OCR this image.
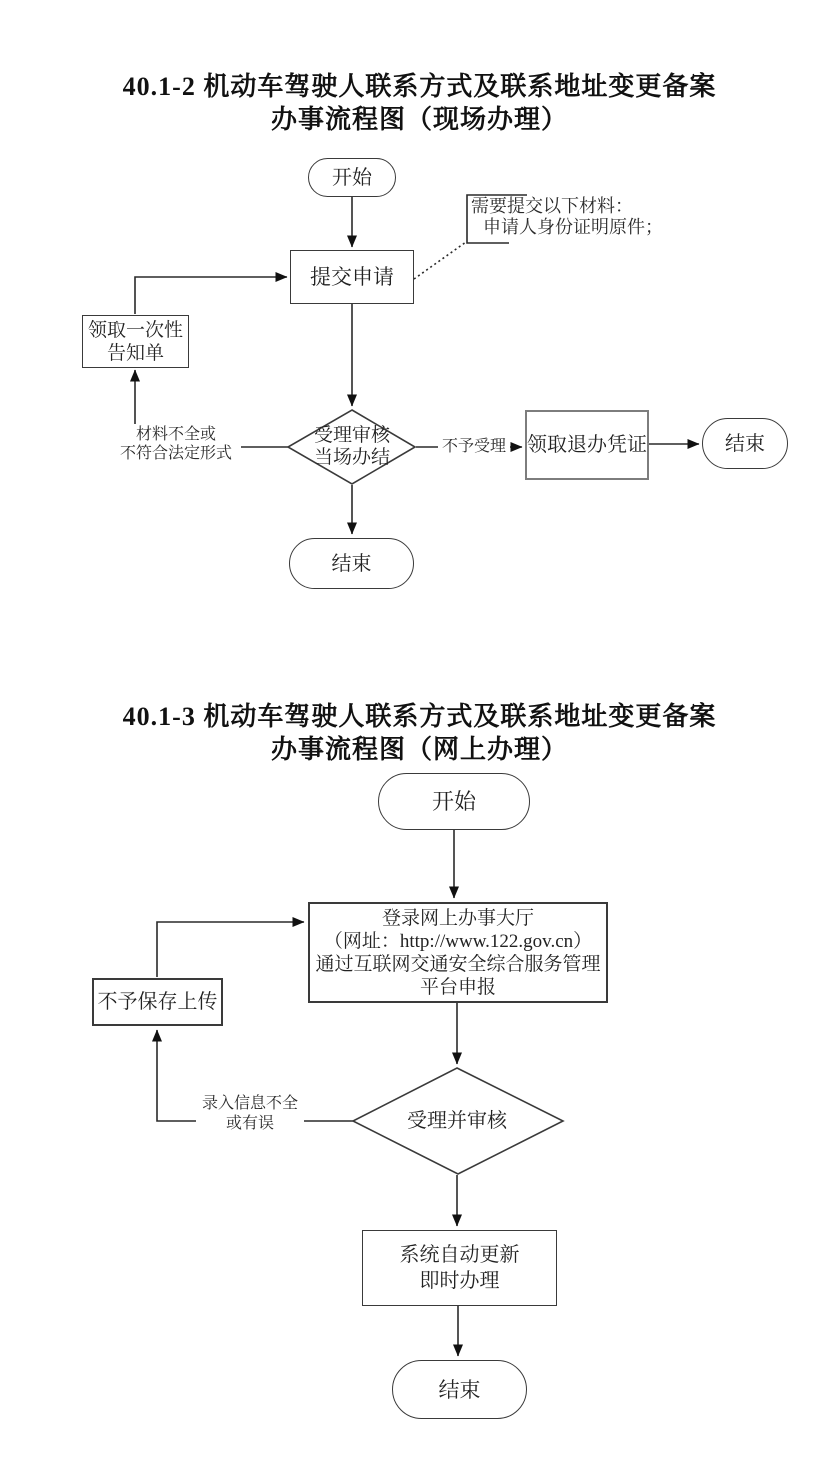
40.1-2 机动车驾驶人联系方式及联系地址变更备案
办事流程图（现场办理）
开始
提交申请
需要提交以下材料：
申请人身份证明原件；
领取一次性
告知单
受理审核
当场办结
领取退办凭证	结束
结束
材料不全或
不符合法定形式	不予受理
40.1-3 机动车驾驶人联系方式及联系地址变更备案
办事流程图（网上办理）
开始
登录网上办事大厅
（网址：http://www.122.gov.cn）
通过互联网交通安全综合服务管理
平台申报
不予保存上传
受理并审核
系统自动更新
即时办理
结束
录入信息不全
或有误
